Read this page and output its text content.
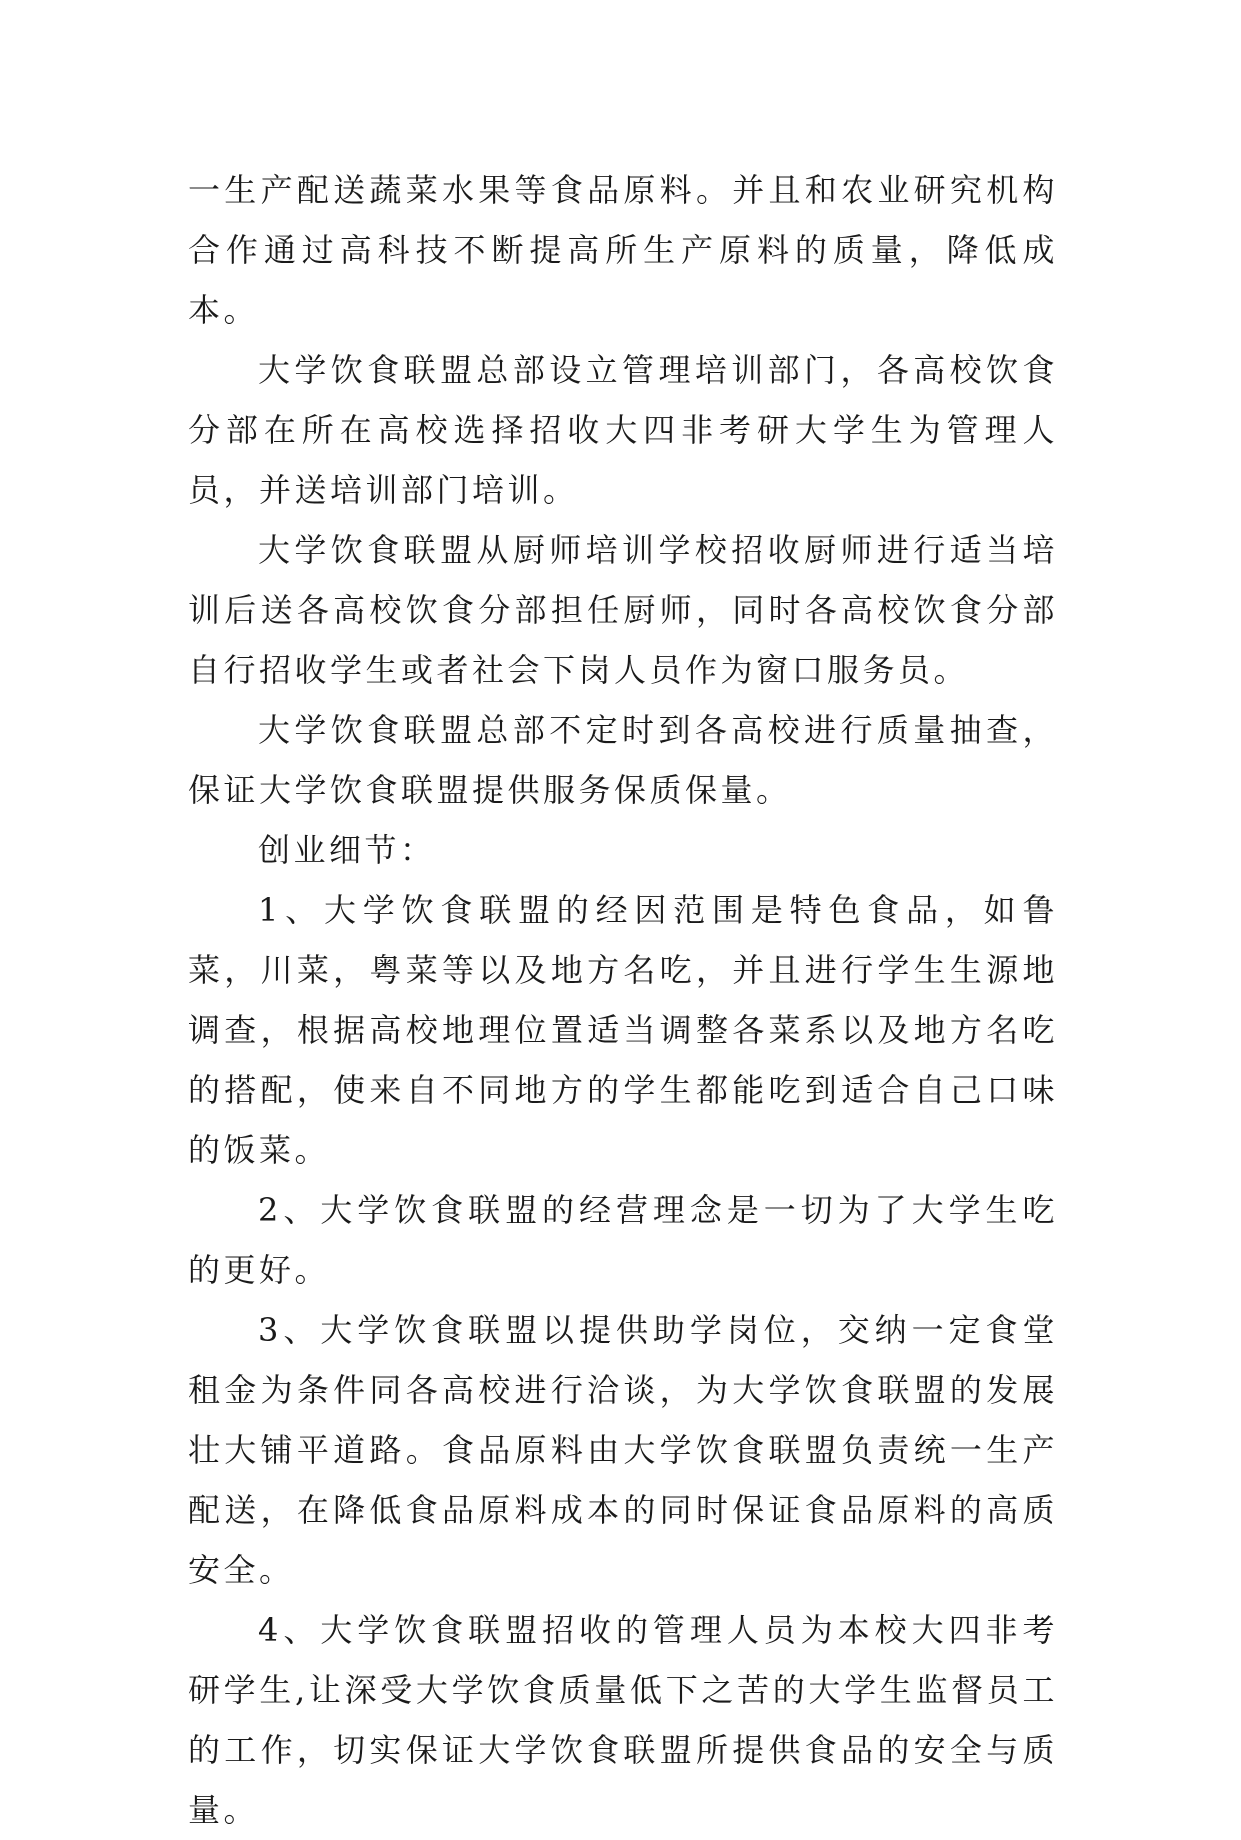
一生产配送蔬菜水果等食品原料。并且和农业研究机构合作通过高科技不断提高所生产原料的质量，降低成本。

大学饮食联盟总部设立管理培训部门，各高校饮食分部在所在高校选择招收大四非考研大学生为管理人员，并送培训部门培训。

大学饮食联盟从厨师培训学校招收厨师进行适当培训后送各高校饮食分部担任厨师，同时各高校饮食分部自行招收学生或者社会下岗人员作为窗口服务员。

大学饮食联盟总部不定时到各高校进行质量抽查，保证大学饮食联盟提供服务保质保量。

创业细节：

1、大学饮食联盟的经因范围是特色食品，如鲁菜，川菜，粤菜等以及地方名吃，并且进行学生生源地调查，根据高校地理位置适当调整各菜系以及地方名吃的搭配，使来自不同地方的学生都能吃到适合自己口味的饭菜。

2、大学饮食联盟的经营理念是一切为了大学生吃的更好。

3、大学饮食联盟以提供助学岗位，交纳一定食堂租金为条件同各高校进行洽谈，为大学饮食联盟的发展壮大铺平道路。食品原料由大学饮食联盟负责统一生产配送，在降低食品原料成本的同时保证食品原料的高质安全。

4、大学饮食联盟招收的管理人员为本校大四非考研学生,让深受大学饮食质量低下之苦的大学生监督员工的工作，切实保证大学饮食联盟所提供食品的安全与质量。
